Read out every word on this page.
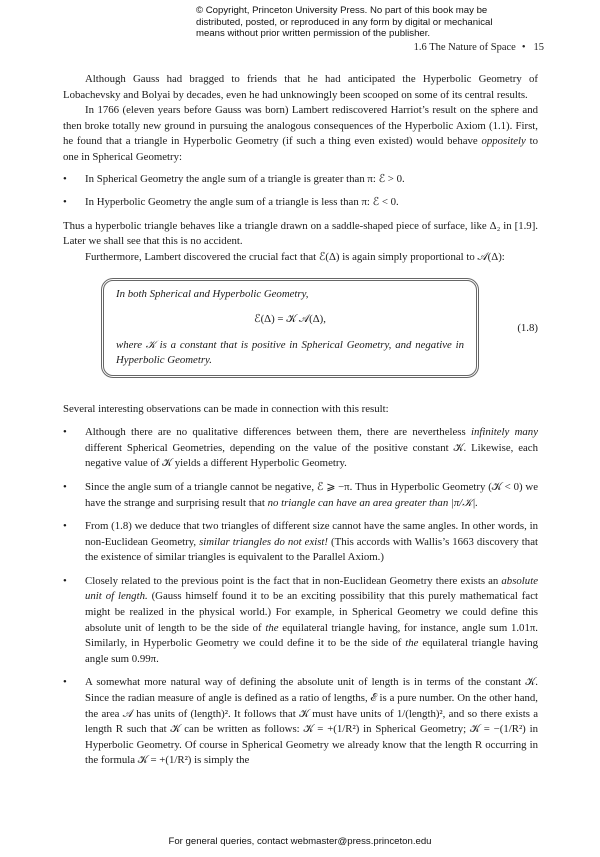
© Copyright, Princeton University Press. No part of this book may be
distributed, posted, or reproduced in any form by digital or mechanical
means without prior written permission of the publisher.
1.6 The Nature of Space • 15

Although Gauss had bragged to friends that he had anticipated the Hyperbolic Geometry of Lobachevsky and Bolyai by decades, even he had unknowingly been scooped on some of its central results.

In 1766 (eleven years before Gauss was born) Lambert rediscovered Harriot’s result on the sphere and then broke totally new ground in pursuing the analogous consequences of the Hyperbolic Axiom (1.1). First, he found that a triangle in Hyperbolic Geometry (if such a thing even existed) would behave oppositely to one in Spherical Geometry:

• In Spherical Geometry the angle sum of a triangle is greater than π: ℰ > 0.
• In Hyperbolic Geometry the angle sum of a triangle is less than π: ℰ < 0.

Thus a hyperbolic triangle behaves like a triangle drawn on a saddle-shaped piece of surface, like Δ₂ in [1.9]. Later we shall see that this is no accident.

Furthermore, Lambert discovered the crucial fact that ℰ(Δ) is again simply proportional to 𝒜(Δ):

In both Spherical and Hyperbolic Geometry,
ℰ(Δ) = 𝒦 𝒜(Δ),
where 𝒦 is a constant that is positive in Spherical Geometry, and negative in Hyperbolic Geometry.
(1.8)

Several interesting observations can be made in connection with this result:

• Although there are no qualitative differences between them, there are nevertheless infinitely many different Spherical Geometries, depending on the value of the positive constant 𝒦. Likewise, each negative value of 𝒦 yields a different Hyperbolic Geometry.
• Since the angle sum of a triangle cannot be negative, ℰ ⩾ −π. Thus in Hyperbolic Geometry (𝒦 < 0) we have the strange and surprising result that no triangle can have an area greater than |π/𝒦|.
• From (1.8) we deduce that two triangles of different size cannot have the same angles. In other words, in non-Euclidean Geometry, similar triangles do not exist! (This accords with Wallis’s 1663 discovery that the existence of similar triangles is equivalent to the Parallel Axiom.)
• Closely related to the previous point is the fact that in non-Euclidean Geometry there exists an absolute unit of length. (Gauss himself found it to be an exciting possibility that this purely mathematical fact might be realized in the physical world.) For example, in Spherical Geometry we could define this absolute unit of length to be the side of the equilateral triangle having, for instance, angle sum 1.01π. Similarly, in Hyperbolic Geometry we could define it to be the side of the equilateral triangle having angle sum 0.99π.
• A somewhat more natural way of defining the absolute unit of length is in terms of the constant 𝒦. Since the radian measure of angle is defined as a ratio of lengths, ℰ is a pure number. On the other hand, the area 𝒜 has units of (length)². It follows that 𝒦 must have units of 1/(length)², and so there exists a length R such that 𝒦 can be written as follows: 𝒦 = +(1/R²) in Spherical Geometry; 𝒦 = −(1/R²) in Hyperbolic Geometry. Of course in Spherical Geometry we already know that the length R occurring in the formula 𝒦 = +(1/R²) is simply the
For general queries, contact webmaster@press.princeton.edu
